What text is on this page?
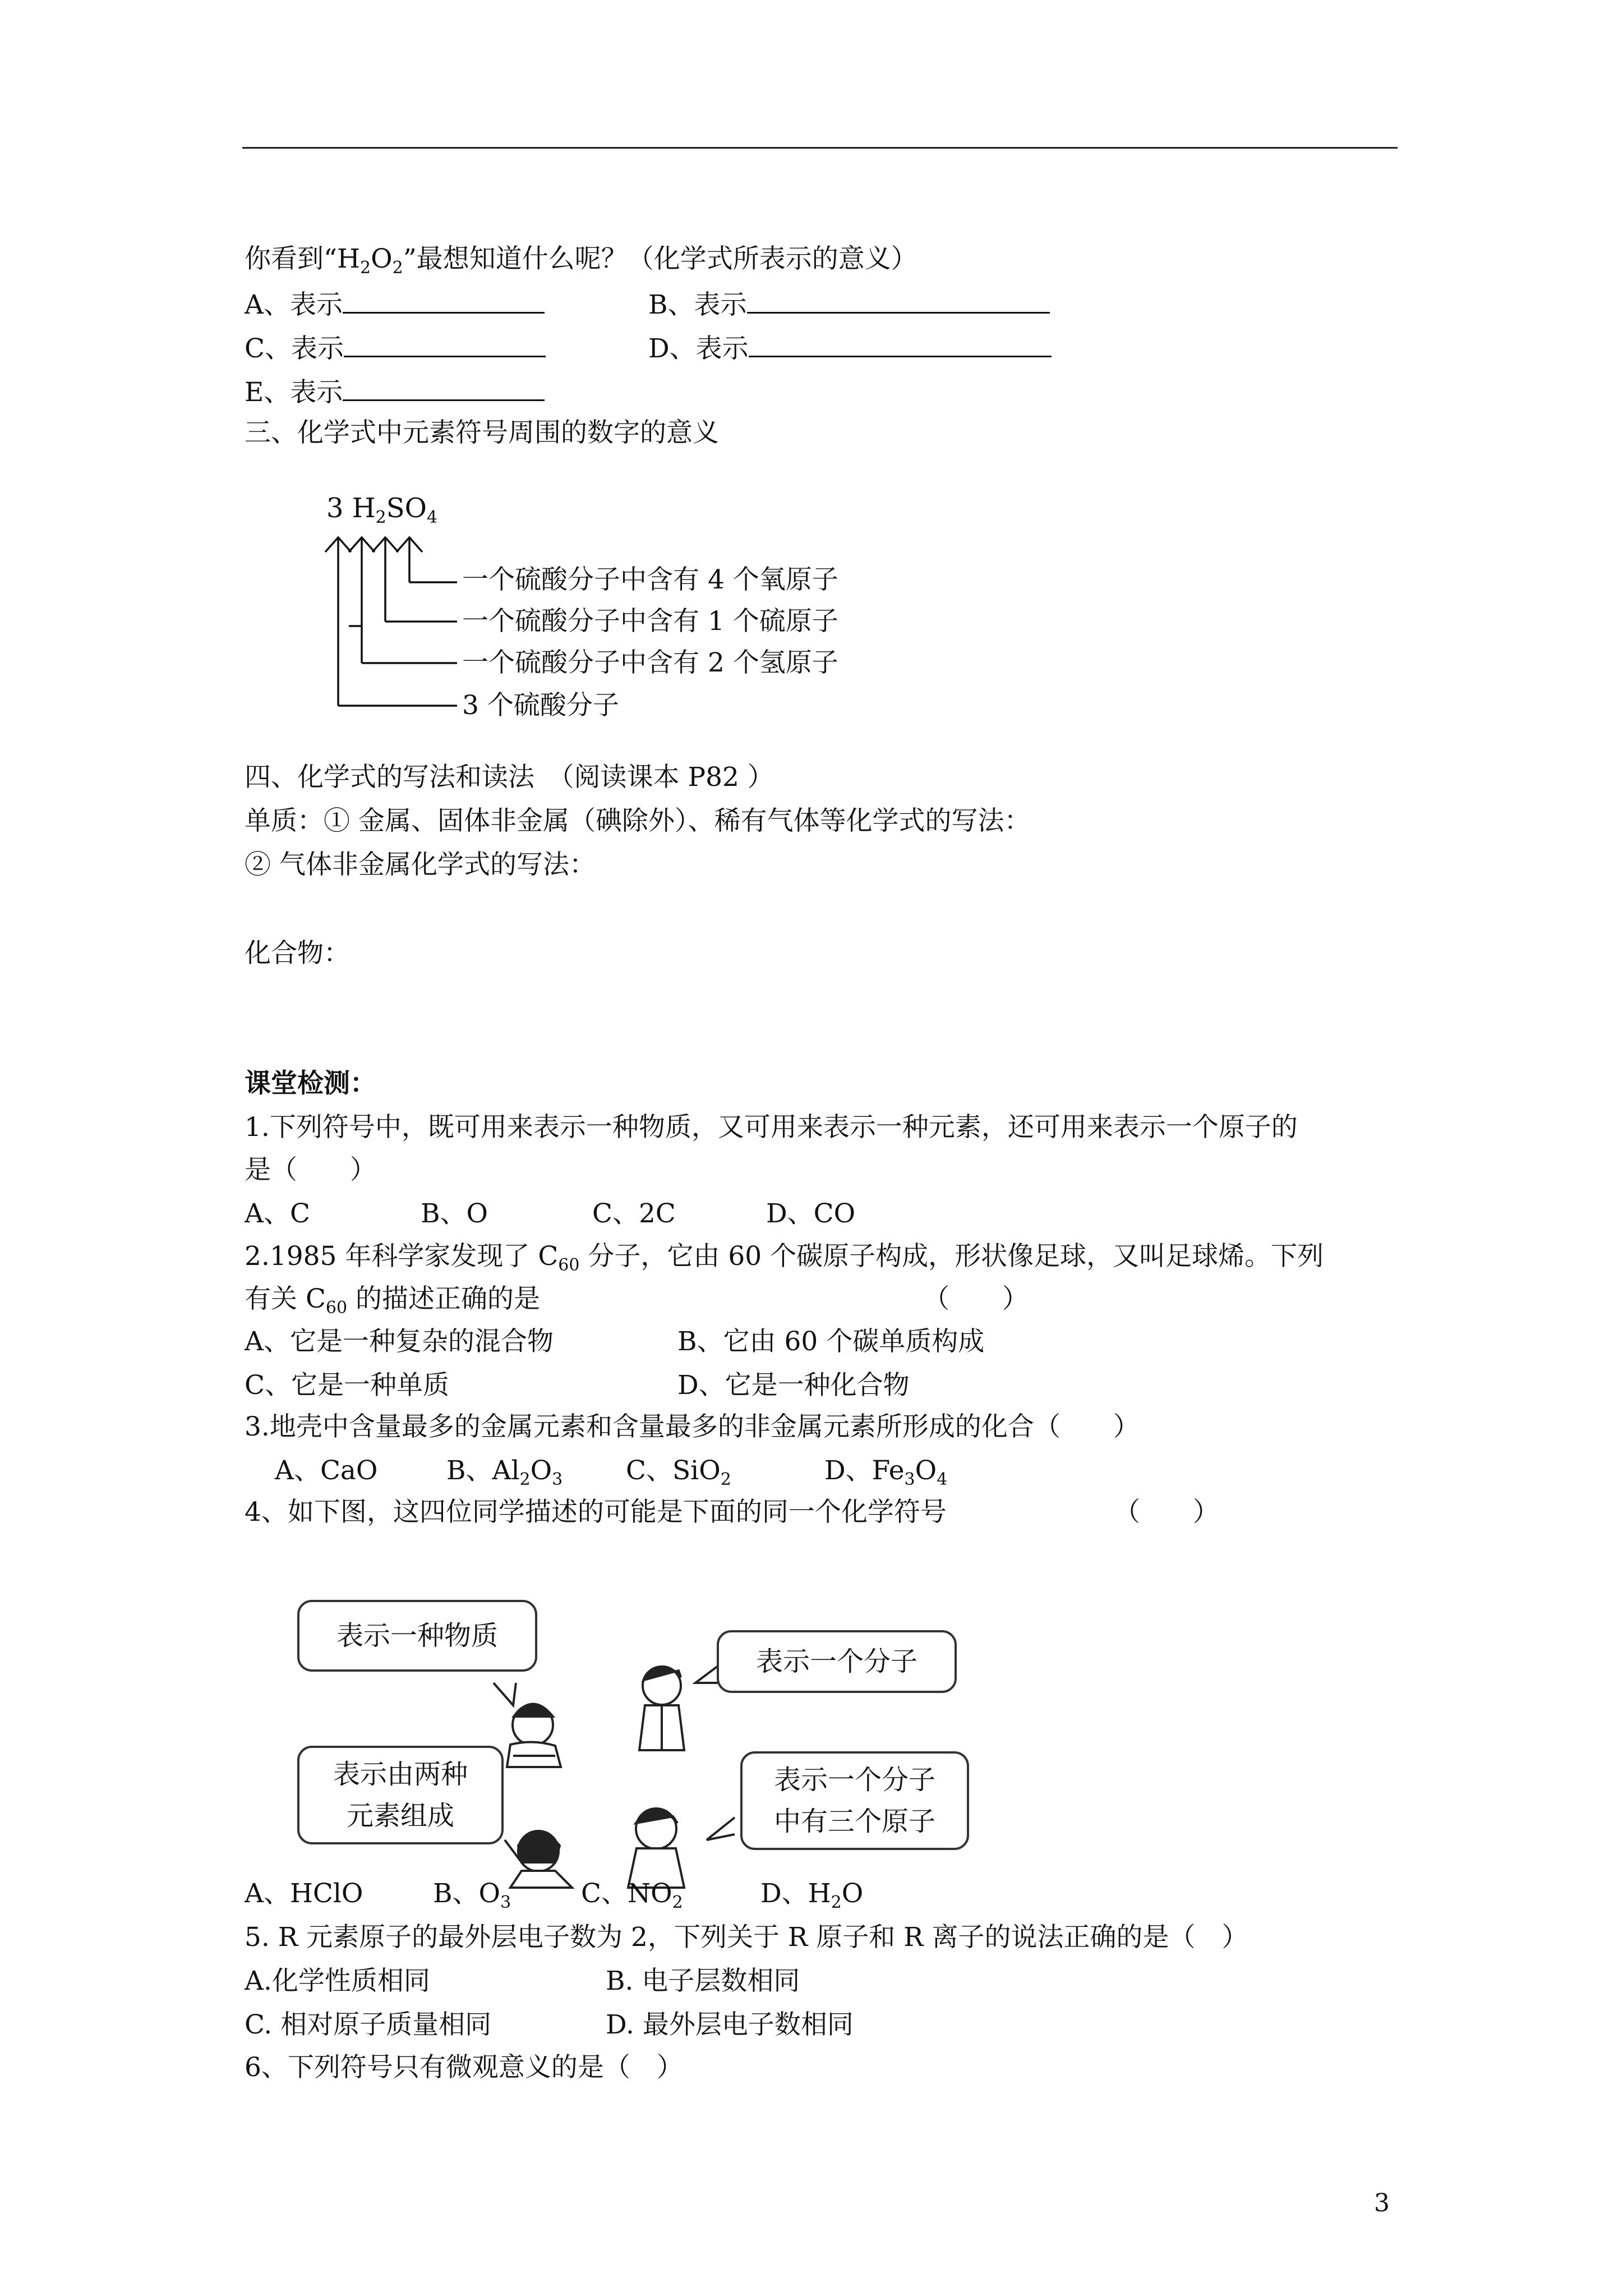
你看到“$H_2O_2$”最想知道什么呢？（化学式所表示的意义）
A、表示	B、表示
C、表示	D、表示
E、表示
三、化学式中元素符号周围的数字的意义
3 $H_2SO_4$
一个硫酸分子中含有 4 个氧原子
一个硫酸分子中含有 1 个硫原子
一个硫酸分子中含有 2 个氢原子
3 个硫酸分子
四、化学式的写法和读法　（阅读课本 P82 ）
单质：① 金属、固体非金属（碘除外）、稀有气体等化学式的写法：
② 气体非金属化学式的写法：
化合物：
课堂检测：
1.下列符号中，既可用来表示一种物质，又可用来表示一种元素，还可用来表示一个原子的
是（　　）
A、C	B、O	C、2C	D、CO
2.1985 年科学家发现了 $C_{60}$ 分子，它由 60 个碳原子构成，形状像足球，又叫足球烯。下列
有关 $C_{60}$ 的描述正确的是	（　　）
A、它是一种复杂的混合物	B、它由 60 个碳单质构成
C、它是一种单质	D、它是一种化合物
3.地壳中含量最多的金属元素和含量最多的非金属元素所形成的化合（　　）
A、CaO	B、$Al_2O_3$ C、SiO$_2$	D、$Fe_3O_4$
4、如下图，这四位同学描述的可能是下面的同一个化学符号	（　　）
表示一种物质
表示一个分子
表示由两种
元素组成
表示一个分子
中有三个原子
A、HClO	B、$O_3$	C、$NO_2$	D、$H_2O$
5. R 元素原子的最外层电子数为 2，下列关于 R 原子和 R 离子的说法正确的是（　）
A.化学性质相同	B. 电子层数相同
C. 相对原子质量相同	D. 最外层电子数相同
6、下列符号只有微观意义的是（　）
3
